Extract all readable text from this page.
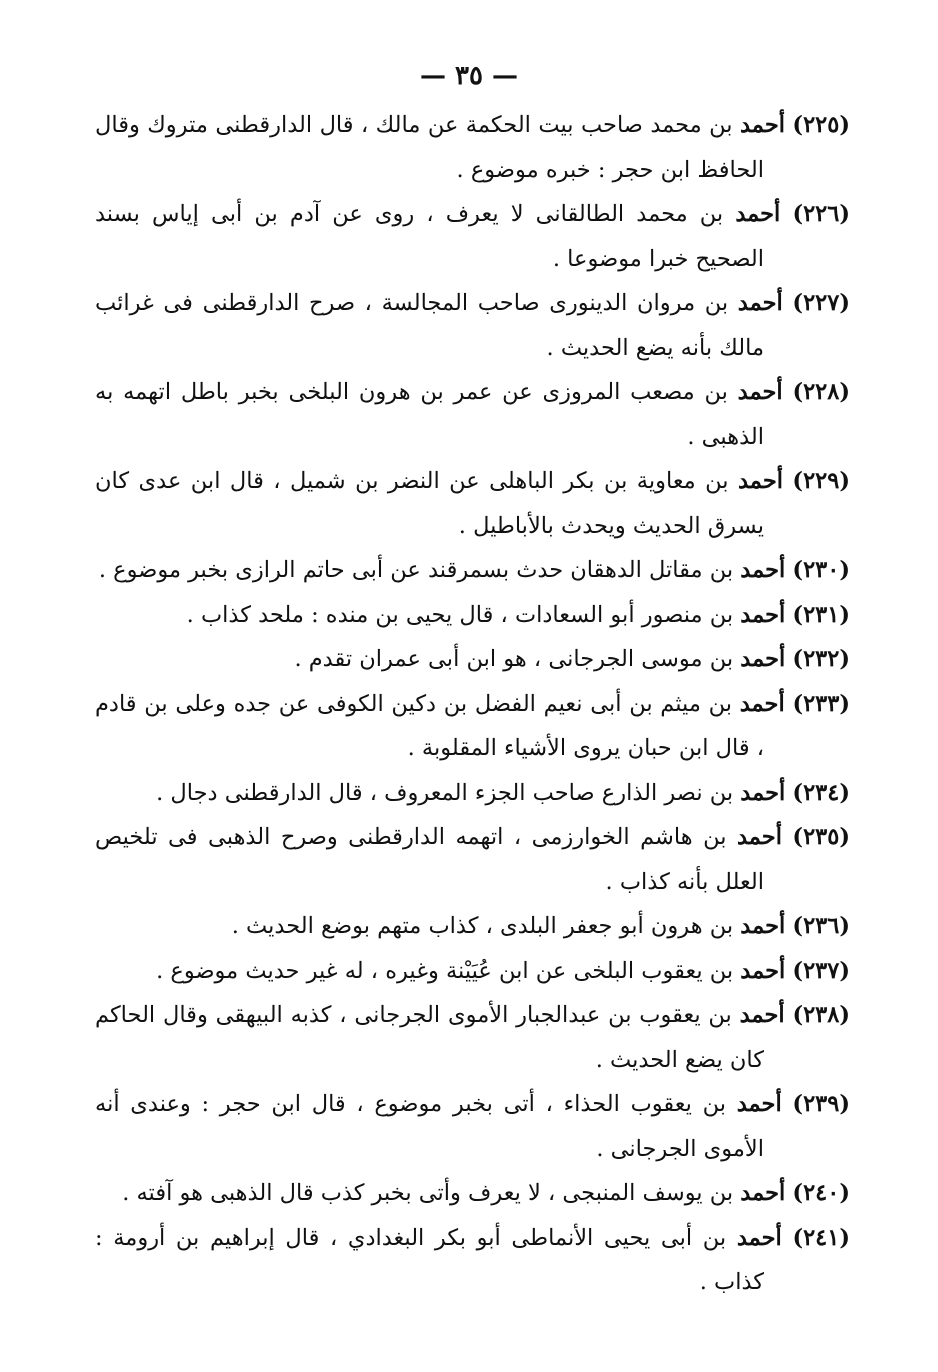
— ٣٥ —
(٢٢٥) أحمد بن محمد صاحب بيت الحكمة عن مالك ، قال الدارقطنى متروك وقال الحافظ ابن حجر : خبره موضوع .
(٢٢٦) أحمد بن محمد الطالقانى لا يعرف ، روى عن آدم بن أبى إياس بسند الصحيح خبرا موضوعا .
(٢٢٧) أحمد بن مروان الدينورى صاحب المجالسة ، صرح الدارقطنى فى غرائب مالك بأنه يضع الحديث .
(٢٢٨) أحمد بن مصعب المروزى عن عمر بن هرون البلخى بخبر باطل اتهمه به الذهبى .
(٢٢٩) أحمد بن معاوية بن بكر الباهلى عن النضر بن شميل ، قال ابن عدى كان يسرق الحديث ويحدث بالأباطيل .
(٢٣٠) أحمد بن مقاتل الدهقان حدث بسمرقند عن أبى حاتم الرازى بخبر موضوع .
(٢٣١) أحمد بن منصور أبو السعادات ، قال يحيى بن منده : ملحد كذاب .
(٢٣٢) أحمد بن موسى الجرجانى ، هو ابن أبى عمران تقدم .
(٢٣٣) أحمد بن ميثم بن أبى نعيم الفضل بن دكين الكوفى عن جده وعلى بن قادم ، قال ابن حبان يروى الأشياء المقلوبة .
(٢٣٤) أحمد بن نصر الذارع صاحب الجزء المعروف ، قال الدارقطنى دجال .
(٢٣٥) أحمد بن هاشم الخوارزمى ، اتهمه الدارقطنى وصرح الذهبى فى تلخيص العلل بأنه كذاب .
(٢٣٦) أحمد بن هرون أبو جعفر البلدى ، كذاب متهم بوضع الحديث .
(٢٣٧) أحمد بن يعقوب البلخى عن ابن عُيَيْنة وغيره ، له غير حديث موضوع .
(٢٣٨) أحمد بن يعقوب بن عبدالجبار الأموى الجرجانى ، كذبه البيهقى وقال الحاكم كان يضع الحديث .
(٢٣٩) أحمد بن يعقوب الحذاء ، أتى بخبر موضوع ، قال ابن حجر : وعندى أنه الأموى الجرجانى .
(٢٤٠) أحمد بن يوسف المنبجى ، لا يعرف وأتى بخبر كذب قال الذهبى هو آفته .
(٢٤١) أحمد بن أبى يحيى الأنماطى أبو بكر البغدادي ، قال إبراهيم بن أرومة : كذاب .
